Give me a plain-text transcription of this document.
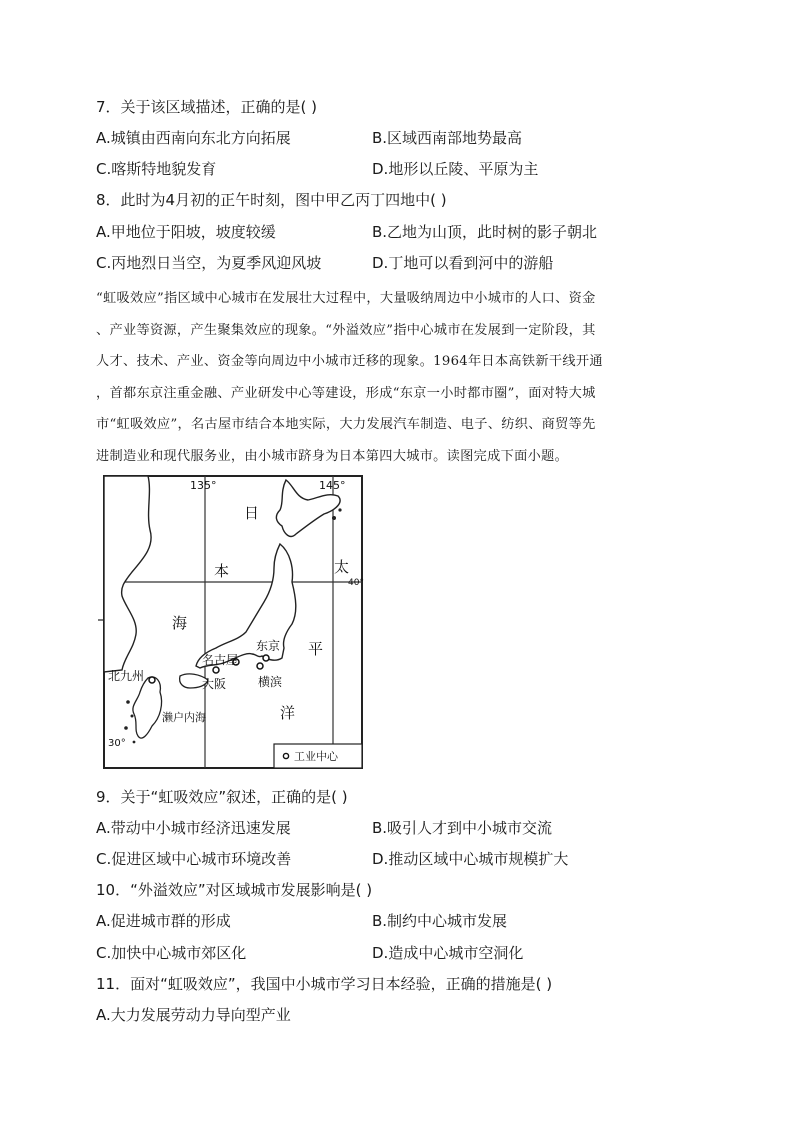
7．关于该区域描述，正确的是( )
A.城镇由西南向东北方向拓展	B.区域西南部地势最高
C.喀斯特地貌发育	D.地形以丘陵、平原为主
8．此时为4月初的正午时刻，图中甲乙丙丁四地中( )
A.甲地位于阳坡，坡度较缓	B.乙地为山顶，此时树的影子朝北
C.丙地烈日当空，为夏季风迎风坡	D.丁地可以看到河中的游船
“虹吸效应”指区域中心城市在发展壮大过程中，大量吸纳周边中小城市的人口、资金
、产业等资源，产生聚集效应的现象。“外溢效应”指中心城市在发展到一定阶段，其
人才、技术、产业、资金等向周边中小城市迁移的现象。1964年日本高铁新干线开通
，首都东京注重金融、产业研发中心等建设，形成“东京一小时都市圈”，面对特大城
市“虹吸效应”，名古屋市结合本地实际，大力发展汽车制造、电子、纺织、商贸等先
进制造业和现代服务业，由小城市跻身为日本第四大城市。读图完成下面小题。
135°	145°
40°
30°
日
本
海
太
平
洋
东京
名古屋
大阪	横滨
北九州
濑户内海
工业中心
9．关于“虹吸效应”叙述，正确的是( )
A.带动中小城市经济迅速发展	B.吸引人才到中小城市交流
C.促进区域中心城市环境改善	D.推动区域中心城市规模扩大
10．“外溢效应”对区域城市发展影响是( )
A.促进城市群的形成	B.制约中心城市发展
C.加快中心城市郊区化	D.造成中心城市空洞化
11．面对“虹吸效应”，我国中小城市学习日本经验，正确的措施是( )
A.大力发展劳动力导向型产业
